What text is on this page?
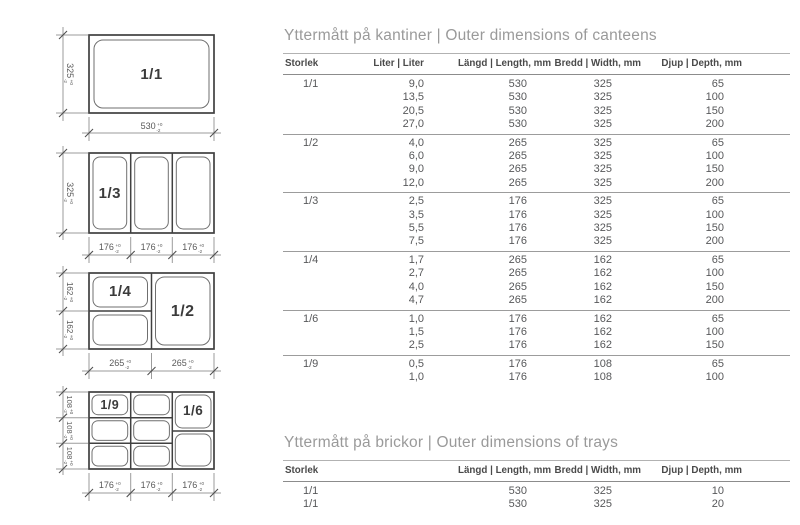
1/1
$325^{+0}-2$
530 $^{+0}$ -2
1/3
$325^{+0}-2$
176 $^{+0}$ -2 176 $^{+0}$ -2 176 $^{+0}$ -2
1/4
1/2
$162^{+0}-2$
$162^{+0}-2$
265 $^{+0}$ -2	265 $^{+0}$ -2
1/9	1/6
$108^{+0}-2$
$108^{+0}-2$
$108^{+0}-2$
176 $^{+0}$ -2 176 $^{+0}$ -2 176 $^{+0}$ -2
Yttermått på kantiner | Outer dimensions of canteens
Storlek	Liter | Liter	Längd | Length, mm	Bredd | Width, mm	Djup | Depth, mm	
1/1	9,0	530	325	65	
	13,5	530	325	100	
	20,5	530	325	150	
	27,0	530	325	200	
1/2	4,0	265	325	65	
	6,0	265	325	100	
	9,0	265	325	150	
	12,0	265	325	200	
1/3	2,5	176	325	65	
	3,5	176	325	100	
	5,5	176	325	150	
	7,5	176	325	200	
1/4	1,7	265	162	65	
	2,7	265	162	100	
	4,0	265	162	150	
	4,7	265	162	200	
1/6	1,0	176	162	65	
	1,5	176	162	100	
	2,5	176	162	150	
1/9	0,5	176	108	65	
	1,0	176	108	100	
Yttermått på brickor | Outer dimensions of trays
Storlek		Längd | Length, mm	Bredd | Width, mm	Djup | Depth, mm	
1/1		530	325	10	
1/1		530	325	20	
